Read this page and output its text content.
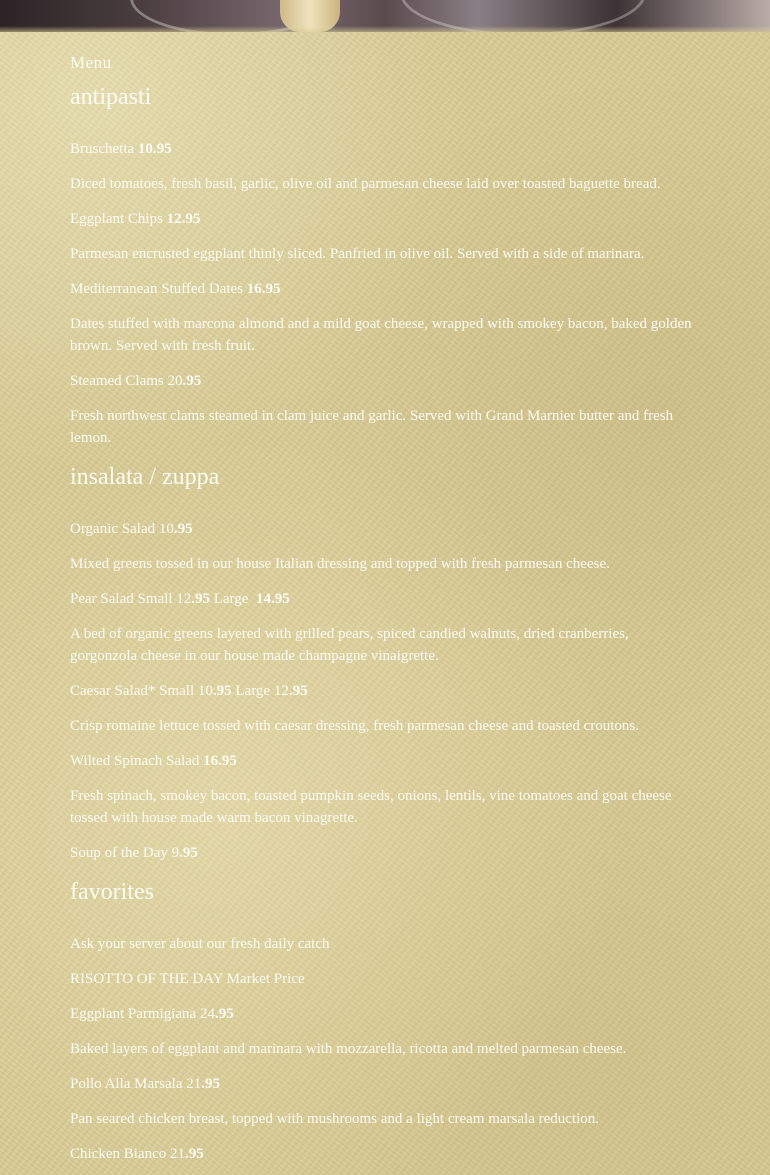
Menu
antipasti

Bruschetta 10.95

Diced tomatoes, fresh basil, garlic, olive oil and parmesan cheese laid over toasted baguette bread.

Eggplant Chips 12.95

Parmesan encrusted eggplant thinly sliced. Panfried in olive oil. Served with a side of marinara.

Mediterranean Stuffed Dates 16.95

Dates stuffed with marcona almond and a mild goat cheese, wrapped with smokey bacon, baked golden brown. Served with fresh fruit.

Steamed Clams 20.95

Fresh northwest clams steamed in clam juice and garlic. Served with Grand Marnier butter and fresh lemon.

insalata / zuppa

Organic Salad 10.95

Mixed greens tossed in our house Italian dressing and topped with fresh parmesan cheese.

Pear Salad Small 12.95 Large  14.95

A bed of organic greens layered with grilled pears, spiced candied walnuts, dried cranberries, gorgonzola cheese in our house made champagne vinaigrette.

Caesar Salad* Small 10.95 Large 12.95

Crisp romaine lettuce tossed with caesar dressing, fresh parmesan cheese and toasted croutons.

Wilted Spinach Salad 16.95

Fresh spinach, smokey bacon, toasted pumpkin seeds, onions, lentils, vine tomatoes and goat cheese tossed with house made warm bacon vinagrette.

Soup of the Day 9.95

favorites

Ask your server about our fresh daily catch

RISOTTO OF THE DAY Market Price

Eggplant Parmigiana 24.95

Baked layers of eggplant and marinara with mozzarella, ricotta and melted parmesan cheese.

Pollo Alla Marsala 21.95

Pan seared chicken breast, topped with mushrooms and a light cream marsala reduction.

Chicken Bianco 21.95
